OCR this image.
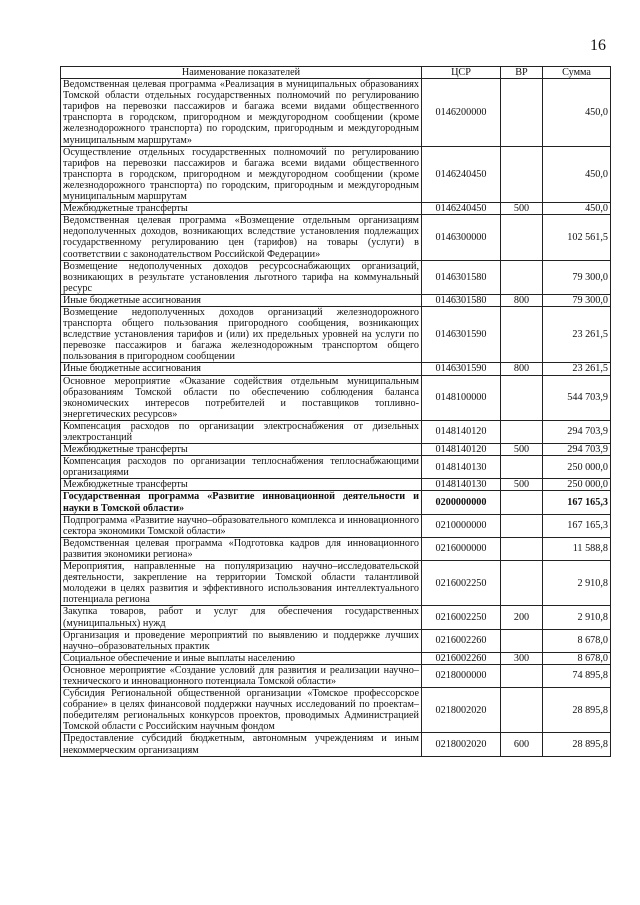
16
Наименование показателей	ЦСР	ВР	Сумма
Ведомственная целевая программа «Реализация в муниципальных образованиях Томской области отдельных государственных полномочий по регулированию тарифов на перевозки пассажиров и багажа всеми видами общественного транспорта в городском, пригородном и междугородном сообщении (кроме железнодорожного транспорта) по городским, пригородным и междугородным муниципальным маршрутам»	0146200000		450,0
Осуществление отдельных государственных полномочий по регулированию тарифов на перевозки пассажиров и багажа всеми видами общественного транспорта в городском, пригородном и междугородном сообщении (кроме железнодорожного транспорта) по городским, пригородным и междугородным муниципальным маршрутам	0146240450		450,0
Межбюджетные трансферты	0146240450	500	450,0
Ведомственная целевая программа «Возмещение отдельным организациям недополученных доходов, возникающих вследствие установления подлежащих государственному регулированию цен (тарифов) на товары (услуги) в соответствии с законодательством Российской Федерации»	0146300000		102 561,5
Возмещение недополученных доходов ресурсоснабжающих организаций, возникающих в результате установления льготного тарифа на коммунальный ресурс	0146301580		79 300,0
Иные бюджетные ассигнования	0146301580	800	79 300,0
Возмещение недополученных доходов организаций железнодорожного транспорта общего пользования пригородного сообщения, возникающих вследствие установления тарифов и (или) их предельных уровней на услуги по перевозке пассажиров и багажа железнодорожным транспортом общего пользования в пригородном сообщении	0146301590		23 261,5
Иные бюджетные ассигнования	0146301590	800	23 261,5
Основное мероприятие «Оказание содействия отдельным муниципальным образованиям Томской области по обеспечению соблюдения баланса экономических интересов потребителей и поставщиков топливно-энергетических ресурсов»	0148100000		544 703,9
Компенсация расходов по организации электроснабжения от дизельных электростанций	0148140120		294 703,9
Межбюджетные трансферты	0148140120	500	294 703,9
Компенсация расходов по организации теплоснабжения теплоснабжающими организациями	0148140130		250 000,0
Межбюджетные трансферты	0148140130	500	250 000,0
Государственная программа «Развитие инновационной деятельности и науки в Томской области»	0200000000		167 165,3
Подпрограмма «Развитие научно–образовательного комплекса и инновационного сектора экономики Томской области»	0210000000		167 165,3
Ведомственная целевая программа «Подготовка кадров для инновационного развития экономики региона»	0216000000		11 588,8
Мероприятия, направленные на популяризацию научно–исследовательской деятельности, закрепление на территории Томской области талантливой молодежи в целях развития и эффективного использования интеллектуального потенциала региона	0216002250		2 910,8
Закупка товаров, работ и услуг для обеспечения государственных (муниципальных) нужд	0216002250	200	2 910,8
Организация и проведение мероприятий по выявлению и поддержке лучших научно–образовательных практик	0216002260		8 678,0
Социальное обеспечение и иные выплаты населению	0216002260	300	8 678,0
Основное мероприятие «Создание условий для развития и реализации научно–технического и инновационного потенциала Томской области»	0218000000		74 895,8
Субсидия Региональной общественной организации «Томское профессорское собрание» в целях финансовой поддержки научных исследований по проектам–победителям региональных конкурсов проектов, проводимых Администрацией Томской области с Российским научным фондом	0218002020		28 895,8
Предоставление субсидий бюджетным, автономным учреждениям и иным некоммерческим организациям	0218002020	600	28 895,8
